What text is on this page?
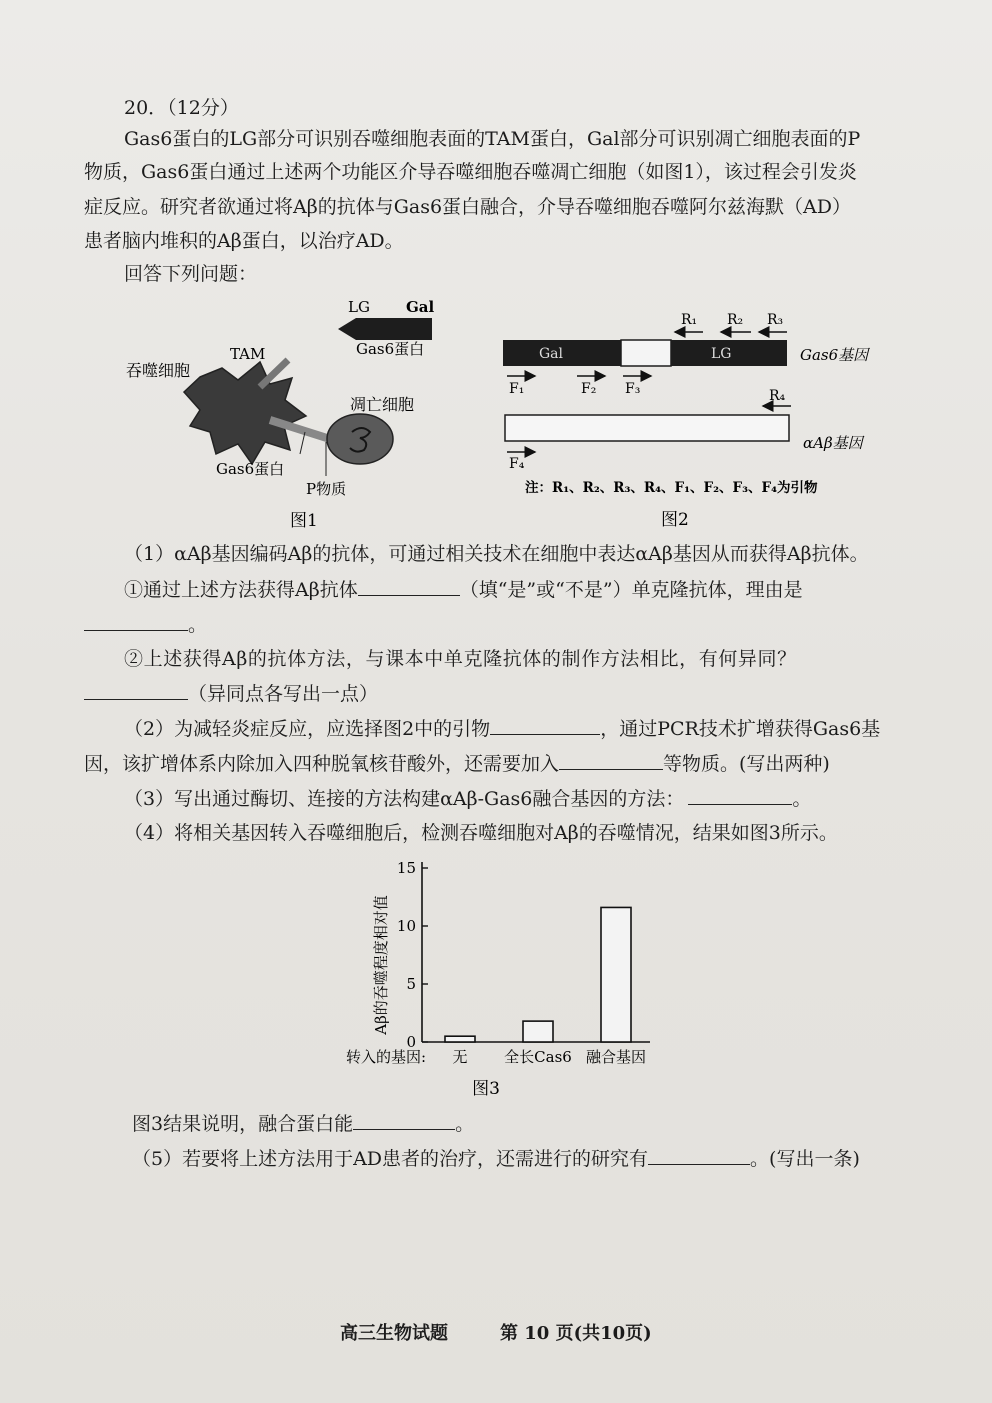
20．（12分）
Gas6蛋白的LG部分可识别吞噬细胞表面的TAM蛋白，Gal部分可识别凋亡细胞表面的P
物质，Gas6蛋白通过上述两个功能区介导吞噬细胞吞噬凋亡细胞（如图1），该过程会引发炎
症反应。研究者欲通过将Aβ的抗体与Gas6蛋白融合，介导吞噬细胞吞噬阿尔兹海默（AD）
患者脑内堆积的Aβ蛋白，以治疗AD。
回答下列问题：
LG Gal
Gas6蛋白
TAM
吞噬细胞
凋亡细胞
Gas6蛋白
P物质
图1
R₁ R₂ R₃
Gal	LG	Gas6基因
F₁	F₂ F₃	R₄
αAβ基因
F₄
注：R₁、R₂、R₃、R₄、F₁、F₂、F₃、F₄为引物
图2
（1）αAβ基因编码Aβ的抗体，可通过相关技术在细胞中表达αAβ基因从而获得Aβ抗体。
①通过上述方法获得Aβ抗体	（填“是”或“不是”）单克隆抗体，理由是
。
②上述获得Aβ的抗体方法，与课本中单克隆抗体的制作方法相比，有何异同？
（异同点各写出一点）
（2）为减轻炎症反应，应选择图2中的引物	，通过PCR技术扩增获得Gas6基
因，该扩增体系内除加入四种脱氧核苷酸外，还需要加入	等物质。(写出两种)
（3）写出通过酶切、连接的方法构建αAβ-Gas6融合基因的方法：	。
（4）将相关基因转入吞噬细胞后，检测吞噬细胞对Aβ的吞噬情况，结果如图3所示。
Aβ的吞噬程度相对值
0
5
10
15
无 全长Cas6 融合基因
转入的基因:
图3
图3结果说明，融合蛋白能	。
（5）若要将上述方法用于AD患者的治疗，还需进行的研究有	。(写出一条)
高三生物试题	第 10 页(共10页)
